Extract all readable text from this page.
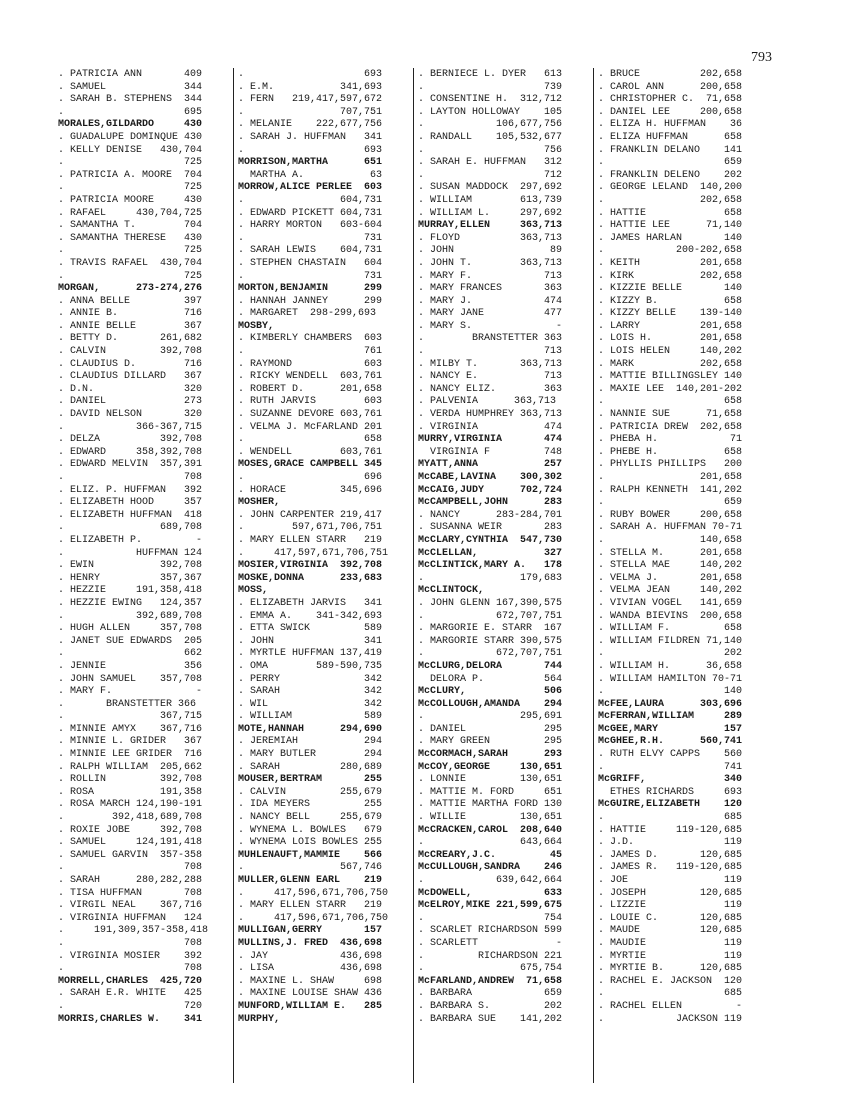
793
. PATRICIA ANN       409
. SAMUEL             344
. SARAH B. STEPHENS  344
.                    695
MORALES,GILDARDO     430
. GUADALUPE DOMINQUE 430
. KELLY DENISE   430,704
.                    725
. PATRICIA A. MOORE  704
.                    725
. PATRICIA MOORE     430
. RAFAEL     430,704,725
. SAMANTHA T.        704
. SAMANTHA THERESE   430
.                    725
. TRAVIS RAFAEL  430,704
.                    725
MORGAN,      273-274,276
. ANNA BELLE         397
. ANNIE B.           716
. ANNIE BELLE        367
. BETTY D.       261,682
. CALVIN         392,708
. CLAUDIUS D.        716
. CLAUDIUS DILLARD   367
. D.N.               320
. DANIEL             273
. DAVID NELSON       320
.            366-367,715
. DELZA          392,708
. EDWARD     358,392,708
. EDWARD MELVIN  357,391
.                    708
. ELIZ. P. HUFFMAN   392
. ELIZABETH HOOD     357
. ELIZABETH HUFFMAN  418
.                689,708
. ELIZABETH P.         -
.            HUFFMAN 124
. EWIN           392,708
. HENRY          357,367
. HEZZIE     191,358,418
. HEZZIE EWING   124,357
.            392,689,708
. HUGH ALLEN     357,708
. JANET SUE EDWARDS  205
.                    662
. JENNIE             356
. JOHN SAMUEL    357,708
. MARY F.              -
.       BRANSTETTER 366
.                367,715
. MINNIE AMYX    367,716
. MINNIE L. GRIDER   367
. MINNIE LEE GRIDER  716
. RALPH WILLIAM  205,662
. ROLLIN         392,708
. ROSA           191,358
. ROSA MARCH 124,190-191
.        392,418,689,708
. ROXIE JOBE     392,708
. SAMUEL     124,191,418
. SAMUEL GARVIN  357-358
.                    708
. SARAH      280,282,288
. TISA HUFFMAN       708
. VIRGIL NEAL    367,716
. VIRGINIA HUFFMAN   124
.     191,309,357-358,418
.                    708
. VIRGINIA MOSIER    392
.                    708
MORRELL,CHARLES  425,720
. SARAH E.R. WHITE   425
.                    720
MORRIS,CHARLES W.    341
.                    693
. E.M.           341,693
. FERN   219,417,597,672
.                707,751
. MELANIE    222,677,756
. SARAH J. HUFFMAN   341
.                    693
MORRISON,MARTHA      651
MARTHA A.           63
MORROW,ALICE PERLEE  603
.                604,731
. EDWARD PICKETT 604,731
. HARRY MORTON   603-604
.                    731
. SARAH LEWIS    604,731
. STEPHEN CHASTAIN   604
.                    731
MORTON,BENJAMIN      299
. HANNAH JANNEY      299
. MARGARET  298-299,693
MOSBY,
. KIMBERLY CHAMBERS  603
.                    761
. RAYMOND            603
. RICKY WENDELL  603,761
. ROBERT D.      201,658
. RUTH JARVIS        603
. SUZANNE DEVORE 603,761
. VELMA J. McFARLAND 201
.                    658
. WENDELL        603,761
MOSES,GRACE CAMPBELL 345
.                    696
. HORACE         345,696
MOSHER,
. JOHN CARPENTER 219,417
.        597,671,706,751
. MARY ELLEN STARR   219
.     417,597,671,706,751
MOSIER,VIRGINIA  392,708
MOSKE,DONNA      233,683
MOSS,
. ELIZABETH JARVIS   341
. EMMA A.    341-342,693
. ETTA SWICK         589
. JOHN               341
. MYRTLE HUFFMAN 137,419
. OMA        589-590,735
. PERRY              342
. SARAH              342
. WIL                342
. WILLIAM            589
MOTE,HANNAH      294,690
. JEREMIAH           294
. MARY BUTLER        294
. SARAH          280,689
MOUSER,BERTRAM       255
. CALVIN         255,679
. IDA MEYERS         255
. NANCY BELL     255,679
. WYNEMA L. BOWLES   679
. WYNEMA LOIS BOWLES 255
MUHLENAUFT,MAMMIE    566
.                567,746
MULLER,GLENN EARL    219
.     417,596,671,706,750
. MARY ELLEN STARR   219
.     417,596,671,706,750
MULLIGAN,GERRY       157
MULLINS,J. FRED  436,698
. JAY            436,698
. LISA           436,698
. MAXINE L. SHAW     698
. MAXINE LOUISE SHAW 436
MUNFORD,WILLIAM E.   285
MURPHY,
. BERNIECE L. DYER   613
.                    739
. CONSENTINE H.  312,712
. LAYTON HOLLOWAY    105
.            106,677,756
. RANDALL    105,532,677
.                    756
. SARAH E. HUFFMAN   312
.                    712
. SUSAN MADDOCK  297,692
. WILLIAM        613,739
. WILLIAM L.     297,692
MURRAY,ELLEN     363,713
. FLOYD          363,713
. JOHN                89
. JOHN T.        363,713
. MARY F.            713
. MARY FRANCES       363
. MARY J.            474
. MARY JANE          477
. MARY S.              -
.        BRANSTETTER 363
.                    713
. MILBY T.       363,713
. NANCY E.           713
. NANCY ELIZ.        363
. PALVENIA      363,713
. VERDA HUMPHREY 363,713
. VIRGINIA           474
MURRY,VIRGINIA       474
VIRGINIA F         748
MYATT,ANNA           257
McCABE,LAVINA    300,302
McCAIG,JUDY      702,724
McCAMPBELL,JOHN      283
. NANCY      283-284,701
. SUSANNA WEIR       283
McCLARY,CYNTHIA  547,730
McCLELLAN,           327
McCLINTICK,MARY A.   178
.                179,683
McCLINTOCK,
. JOHN GLENN 167,390,575
.            672,707,751
. MARGORIE E. STARR  167
. MARGORIE STARR 390,575
.            672,707,751
McCLURG,DELORA       744
DELORA P.          564
McCLURY,             506
McCOLLOUGH,AMANDA    294
.                295,691
. DANIEL             295
. MARY GREEN         295
McCORMACH,SARAH      293
McCOY,GEORGE     130,651
. LONNIE         130,651
. MATTIE M. FORD     651
. MATTIE MARTHA FORD 130
. WILLIE         130,651
McCRACKEN,CAROL  208,640
.                643,664
McCREARY,J.C.         45
McCULLOUGH,SANDRA    246
.            639,642,664
McDOWELL,            633
McELROY,MIKE 221,599,675
.                    754
. SCARLET RICHARDSON 599
. SCARLETT             -
.         RICHARDSON 221
.                675,754
McFARLAND,ANDREW  71,658
. BARBARA            659
. BARBARA S.         202
. BARBARA SUE    141,202
. BRUCE          202,658
. CAROL ANN      200,658
. CHRISTOPHER C.  71,658
. DANIEL LEE     200,658
. ELIZA H. HUFFMAN    36
. ELIZA HUFFMAN      658
. FRANKLIN DELANO    141
.                    659
. FRANKLIN DELENO    202
. GEORGE LELAND  140,200
.                202,658
. HATTIE             658
. HATTIE LEE      71,140
. JAMES HARLAN       140
.            200-202,658
. KEITH          201,658
. KIRK           202,658
. KIZZIE BELLE       140
. KIZZY B.           658
. KIZZY BELLE    139-140
. LARRY          201,658
. LOIS H.        201,658
. LOIS HELEN     140,202
. MARK           202,658
. MATTIE BILLINGSLEY 140
. MAXIE LEE  140,201-202
.                    658
. NANNIE SUE      71,658
. PATRICIA DREW  202,658
. PHEBA H.            71
. PHEBE H.           658
. PHYLLIS PHILLIPS   200
.                201,658
. RALPH KENNETH  141,202
.                    659
. RUBY BOWER     200,658
. SARAH A. HUFFMAN 70-71
.                140,658
. STELLA M.      201,658
. STELLA MAE     140,202
. VELMA J.       201,658
. VELMA JEAN     140,202
. VIVIAN VOGEL   141,659
. WANDA BIEVINS  200,658
. WILLIAM F.         658
. WILLIAM FILDREN 71,140
.                    202
. WILLIAM H.      36,658
. WILLIAM HAMILTON 70-71
.                    140
McFEE,LAURA      303,696
McFERRAN,WILLIAM     289
McGEE,MARY           157
McGHEE,R.H.      560,741
. RUTH ELVY CAPPS    560
.                    741
McGRIFF,             340
ETHES RICHARDS     693
McGUIRE,ELIZABETH    120
.                    685
. HATTIE     119-120,685
. J.D.               119
. JAMES D.       120,685
. JAMES R.   119-120,685
. JOE                119
. JOSEPH         120,685
. LIZZIE             119
. LOUIE C.       120,685
. MAUDE          120,685
. MAUDIE             119
. MYRTIE             119
. MYRTIE B.      120,685
. RACHEL E. JACKSON  120
.                    685
. RACHEL ELLEN         -
.            JACKSON 119
